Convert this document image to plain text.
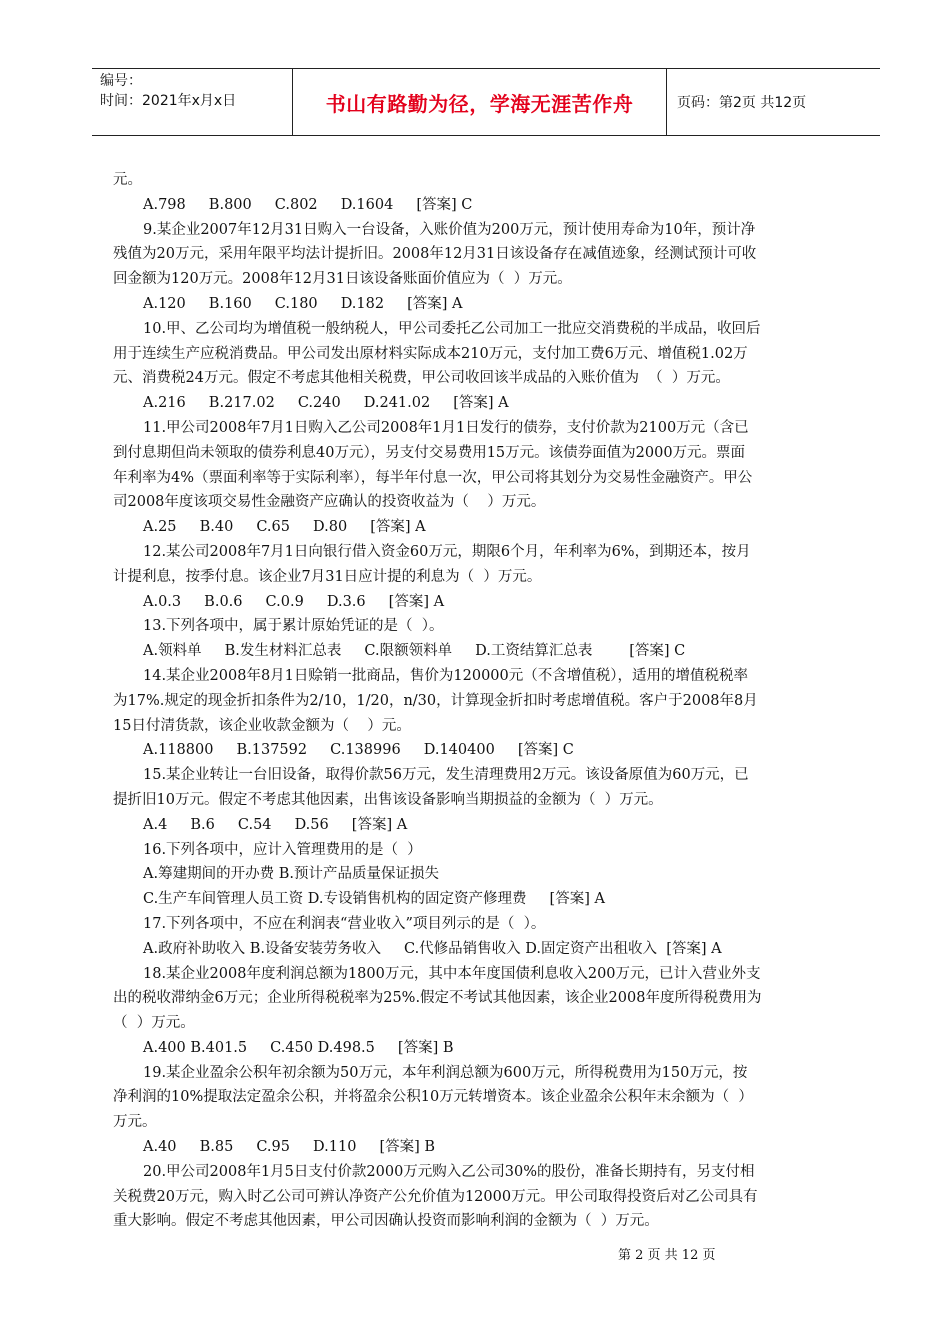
编号：
时间：2021年x月x日	书山有路勤为径，学海无涯苦作舟	页码：第2页 共12页
元。
A.798     B.800     C.802     D.1604     [答案] C
9.某企业2007年12月31日购入一台设备，入账价值为200万元，预计使用寿命为10年，预计净
残值为20万元，采用年限平均法计提折旧。2008年12月31日该设备存在减值迹象，经测试预计可收
回金额为120万元。2008年12月31日该设备账面价值应为（  ）万元。
A.120     B.160     C.180     D.182     [答案] A
10.甲、乙公司均为增值税一般纳税人，甲公司委托乙公司加工一批应交消费税的半成品，收回后
用于连续生产应税消费品。甲公司发出原材料实际成本210万元，支付加工费6万元、增值税1.02万
元、消费税24万元。假定不考虑其他相关税费，甲公司收回该半成品的入账价值为  （  ）万元。
A.216     B.217.02     C.240     D.241.02     [答案] A
11.甲公司2008年7月1日购入乙公司2008年1月1日发行的债券，支付价款为2100万元（含已
到付息期但尚未领取的债券利息40万元），另支付交易费用15万元。该债券面值为2000万元。票面
年利率为4%（票面利率等于实际利率），每半年付息一次，甲公司将其划分为交易性金融资产。甲公
司2008年度该项交易性金融资产应确认的投资收益为（    ）万元。
A.25     B.40     C.65     D.80     [答案] A
12.某公司2008年7月1日向银行借入资金60万元，期限6个月，年利率为6%，到期还本，按月
计提利息，按季付息。该企业7月31日应计提的利息为（  ）万元。
A.0.3     B.0.6     C.0.9     D.3.6     [答案] A
13.下列各项中，属于累计原始凭证的是（  ）。
A.领料单     B.发生材料汇总表     C.限额领料单     D.工资结算汇总表        [答案] C
14.某企业2008年8月1日赊销一批商品，售价为120000元（不含增值税），适用的增值税税率
为17%.规定的现金折扣条件为2/10，1/20，n/30，计算现金折扣时考虑增值税。客户于2008年8月
15日付清货款，该企业收款金额为（    ）元。
A.118800     B.137592     C.138996     D.140400     [答案] C
15.某企业转让一台旧设备，取得价款56万元，发生清理费用2万元。该设备原值为60万元，已
提折旧10万元。假定不考虑其他因素，出售该设备影响当期损益的金额为（  ）万元。
A.4     B.6     C.54     D.56     [答案] A
16.下列各项中，应计入管理费用的是（  ）
A.筹建期间的开办费 B.预计产品质量保证损失
C.生产车间管理人员工资 D.专设销售机构的固定资产修理费     [答案] A
17.下列各项中，不应在利润表“营业收入”项目列示的是（  ）。
A.政府补助收入 B.设备安装劳务收入     C.代修品销售收入 D.固定资产出租收入  [答案] A
18.某企业2008年度利润总额为1800万元，其中本年度国债利息收入200万元，已计入营业外支
出的税收滞纳金6万元；企业所得税税率为25%.假定不考试其他因素，该企业2008年度所得税费用为
（  ）万元。
A.400 B.401.5     C.450 D.498.5     [答案] B
19.某企业盈余公积年初余额为50万元，本年利润总额为600万元，所得税费用为150万元，按
净利润的10%提取法定盈余公积，并将盈余公积10万元转增资本。该企业盈余公积年末余额为（  ）
万元。
A.40     B.85     C.95     D.110     [答案] B
20.甲公司2008年1月5日支付价款2000万元购入乙公司30%的股份，准备长期持有，另支付相
关税费20万元，购入时乙公司可辨认净资产公允价值为12000万元。甲公司取得投资后对乙公司具有
重大影响。假定不考虑其他因素，甲公司因确认投资而影响利润的金额为（  ）万元。
第 2 页 共 12 页
